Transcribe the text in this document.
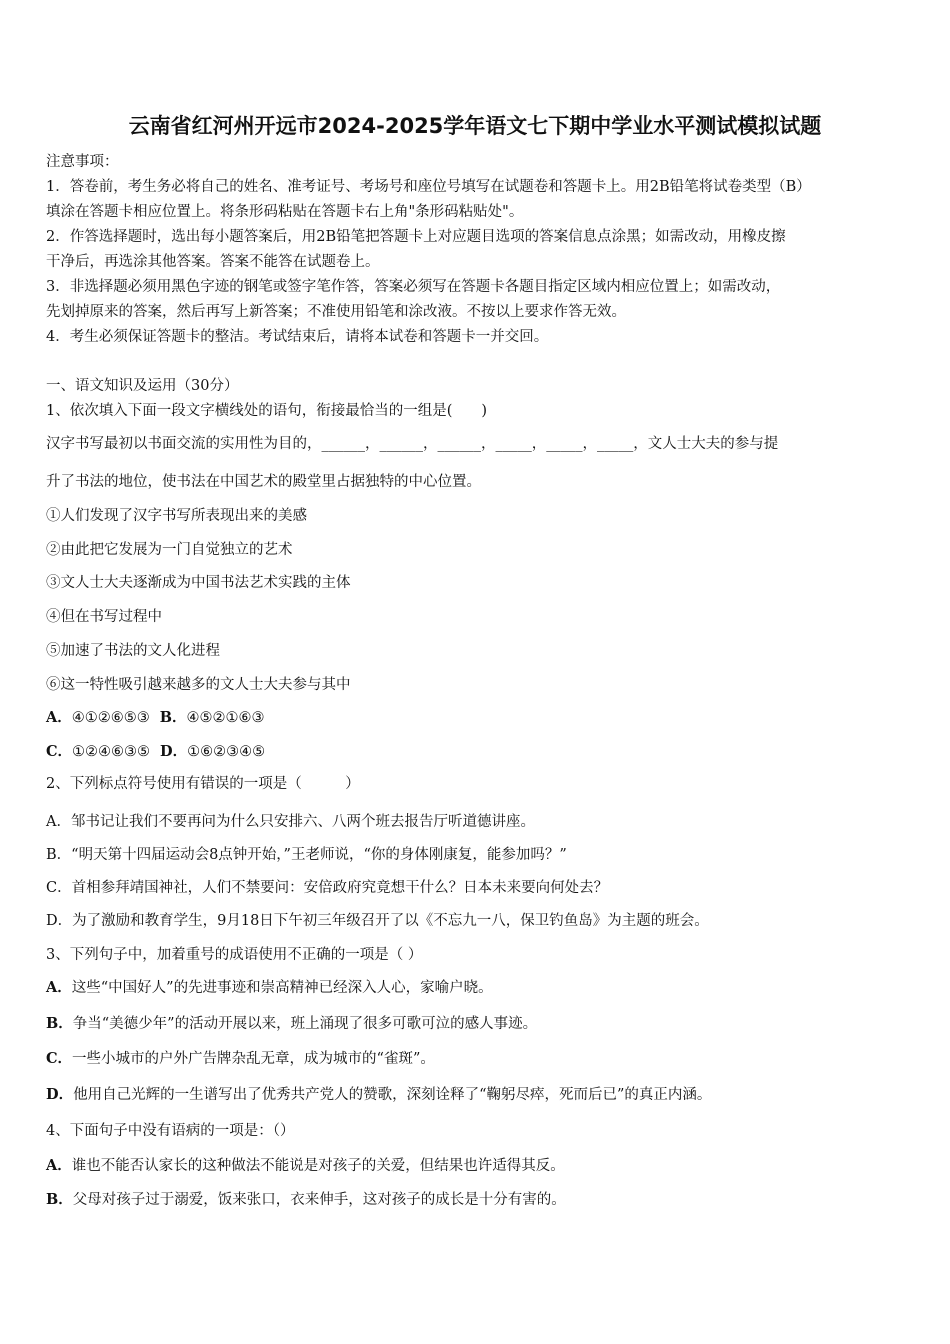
云南省红河州开远市2024-2025学年语文七下期中学业水平测试模拟试题
注意事项：
1．答卷前，考生务必将自己的姓名、准考证号、考场号和座位号填写在试题卷和答题卡上。用2B铅笔将试卷类型（B）
填涂在答题卡相应位置上。将条形码粘贴在答题卡右上角"条形码粘贴处"。
2．作答选择题时，选出每小题答案后，用2B铅笔把答题卡上对应题目选项的答案信息点涂黑；如需改动，用橡皮擦
干净后，再选涂其他答案。答案不能答在试题卷上。
3．非选择题必须用黑色字迹的钢笔或签字笔作答，答案必须写在答题卡各题目指定区域内相应位置上；如需改动，
先划掉原来的答案，然后再写上新答案；不准使用铅笔和涂改液。不按以上要求作答无效。
4．考生必须保证答题卡的整洁。考试结束后，请将本试卷和答题卡一并交回。
一、语文知识及运用（30分）
1、依次填入下面一段文字横线处的语句，衔接最恰当的一组是(　　)
汉字书写最初以书面交流的实用性为目的，______，______，______，_____，_____，_____，文人士大夫的参与提
升了书法的地位，使书法在中国艺术的殿堂里占据独特的中心位置。
①人们发现了汉字书写所表现出来的美感
②由此把它发展为一门自觉独立的艺术
③文人士大夫逐渐成为中国书法艺术实践的主体
④但在书写过程中
⑤加速了书法的文人化进程
⑥这一特性吸引越来越多的文人士大夫参与其中
A．④①②⑥⑤③ B．④⑤②①⑥③
C．①②④⑥③⑤ D．①⑥②③④⑤
2、下列标点符号使用有错误的一项是（　　　）
A．邹书记让我们不要再问为什么只安排六、八两个班去报告厅听道德讲座。
B．“明天第十四届运动会8点钟开始，”王老师说，“你的身体刚康复，能参加吗？”
C．首相参拜靖国神社，人们不禁要问：安倍政府究竟想干什么？日本未来要向何处去？
D．为了激励和教育学生，9月18日下午初三年级召开了以《不忘九一八，保卫钓鱼岛》为主题的班会。
3、下列句子中，加着重号的成语使用不正确的一项是（ ）
A．这些“中国好人”的先进事迹和崇高精神已经深入人心，家喻户晓。
B．争当“美德少年”的活动开展以来，班上涌现了很多可歌可泣的感人事迹。
C．一些小城市的户外广告牌杂乱无章，成为城市的“雀斑”。
D．他用自己光辉的一生谱写出了优秀共产党人的赞歌，深刻诠释了“鞠躬尽瘁，死而后已”的真正内涵。
4、下面句子中没有语病的一项是：（）
A．谁也不能否认家长的这种做法不能说是对孩子的关爱，但结果也许适得其反。
B．父母对孩子过于溺爱，饭来张口，衣来伸手，这对孩子的成长是十分有害的。
